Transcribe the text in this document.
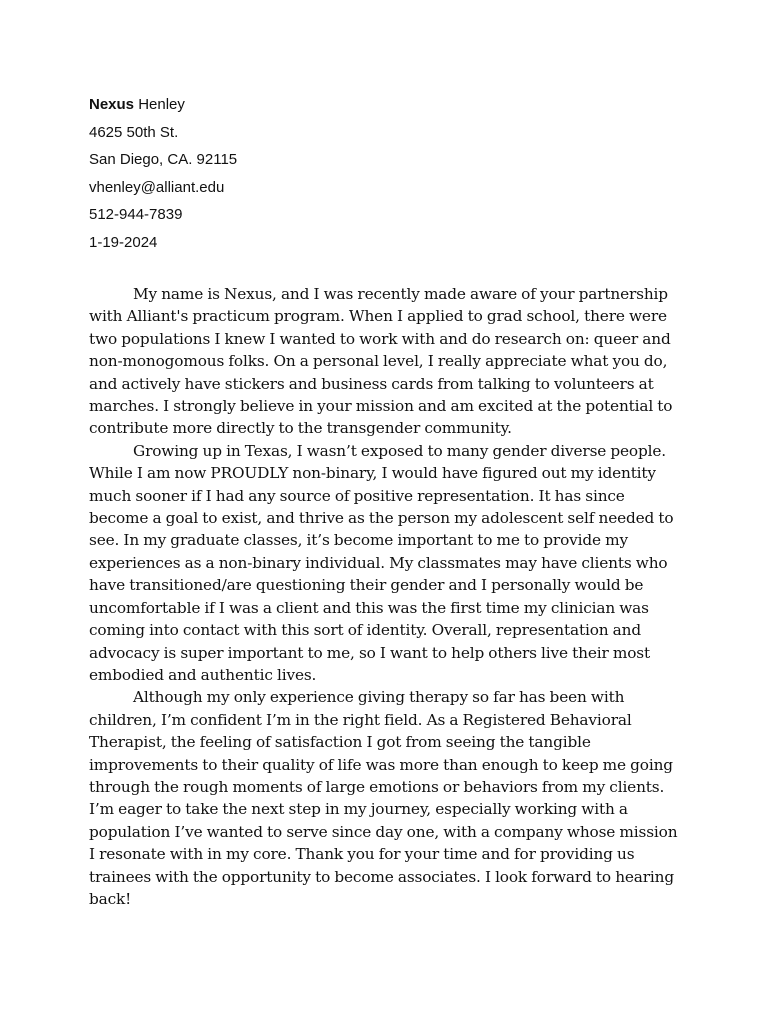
Nexus Henley
4625 50th St.
San Diego, CA. 92115
vhenley@alliant.edu
512-944-7839
1-19-2024

My name is Nexus, and I was recently made aware of your partnership with Alliant's practicum program. When I applied to grad school, there were two populations I knew I wanted to work with and do research on: queer and non-monogomous folks. On a personal level, I really appreciate what you do, and actively have stickers and business cards from talking to volunteers at marches. I strongly believe in your mission and am excited at the potential to contribute more directly to the transgender community.

Growing up in Texas, I wasn’t exposed to many gender diverse people. While I am now PROUDLY non-binary, I would have figured out my identity much sooner if I had any source of positive representation. It has since become a goal to exist, and thrive as the person my adolescent self needed to see. In my graduate classes, it’s become important to me to provide my experiences as a non-binary individual. My classmates may have clients who have transitioned/are questioning their gender and I personally would be uncomfortable if I was a client and this was the first time my clinician was coming into contact with this sort of identity. Overall, representation and advocacy is super important to me, so I want to help others live their most embodied and authentic lives.

Although my only experience giving therapy so far has been with children, I’m confident I’m in the right field. As a Registered Behavioral Therapist, the feeling of satisfaction I got from seeing the tangible improvements to their quality of life was more than enough to keep me going through the rough moments of large emotions or behaviors from my clients. I’m eager to take the next step in my journey, especially working with a population I’ve wanted to serve since day one, with a company whose mission I resonate with in my core. Thank you for your time and for providing us trainees with the opportunity to become associates. I look forward to hearing back!
